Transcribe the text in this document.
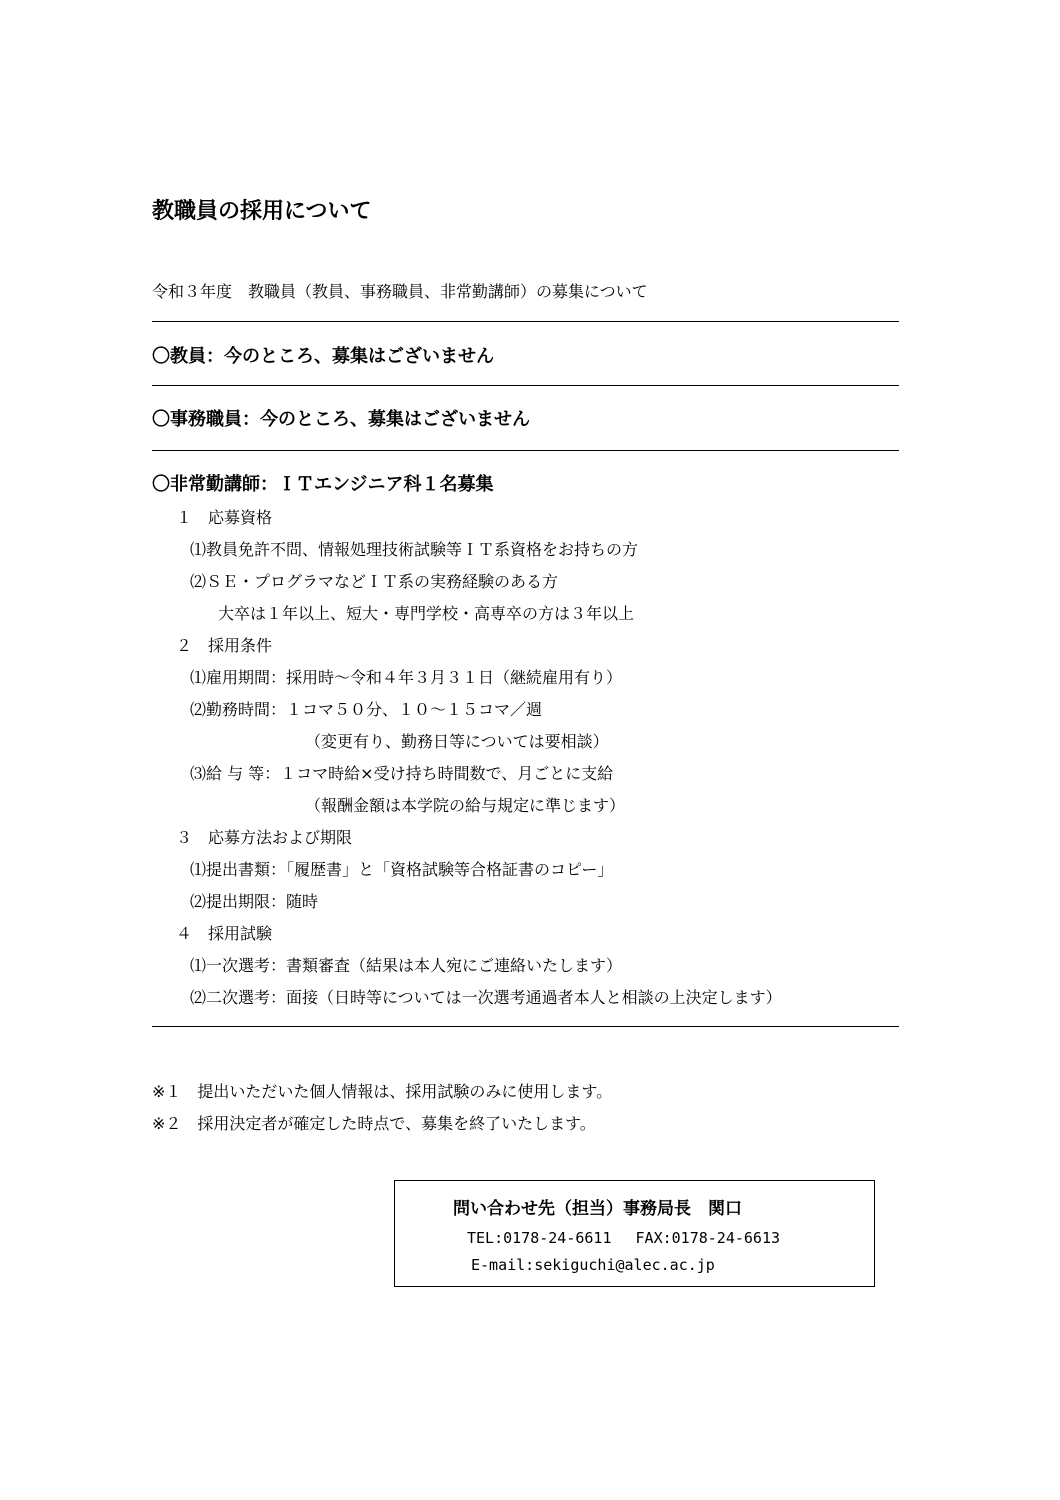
教職員の採用について
令和３年度　教職員（教員、事務職員、非常勤講師）の募集について
〇教員：今のところ、募集はございません
〇事務職員：今のところ、募集はございません
〇非常勤講師：ＩＴエンジニア科１名募集
１　応募資格
⑴教員免許不問、情報処理技術試験等ＩＴ系資格をお持ちの方
⑵ＳＥ・プログラマなどＩＴ系の実務経験のある方
大卒は１年以上、短大・専門学校・高専卒の方は３年以上
２　採用条件
⑴雇用期間：採用時～令和４年３月３１日（継続雇用有り）
⑵勤務時間：１コマ５０分、１０～１５コマ／週
（変更有り、勤務日等については要相談）
⑶給 与 等：１コマ時給×受け持ち時間数で、月ごとに支給
（報酬金額は本学院の給与規定に準じます）
３　応募方法および期限
⑴提出書類：「履歴書」と「資格試験等合格証書のコピー」
⑵提出期限：随時
４　採用試験
⑴一次選考：書類審査（結果は本人宛にご連絡いたします）
⑵二次選考：面接（日時等については一次選考通過者本人と相談の上決定します）
※１　提出いただいた個人情報は、採用試験のみに使用します。
※２　採用決定者が確定した時点で、募集を終了いたします。
問い合わせ先（担当）事務局長　関口
TEL:0178-24-6611　 FAX:0178-24-6613
E-mail:sekiguchi@alec.ac.jp
